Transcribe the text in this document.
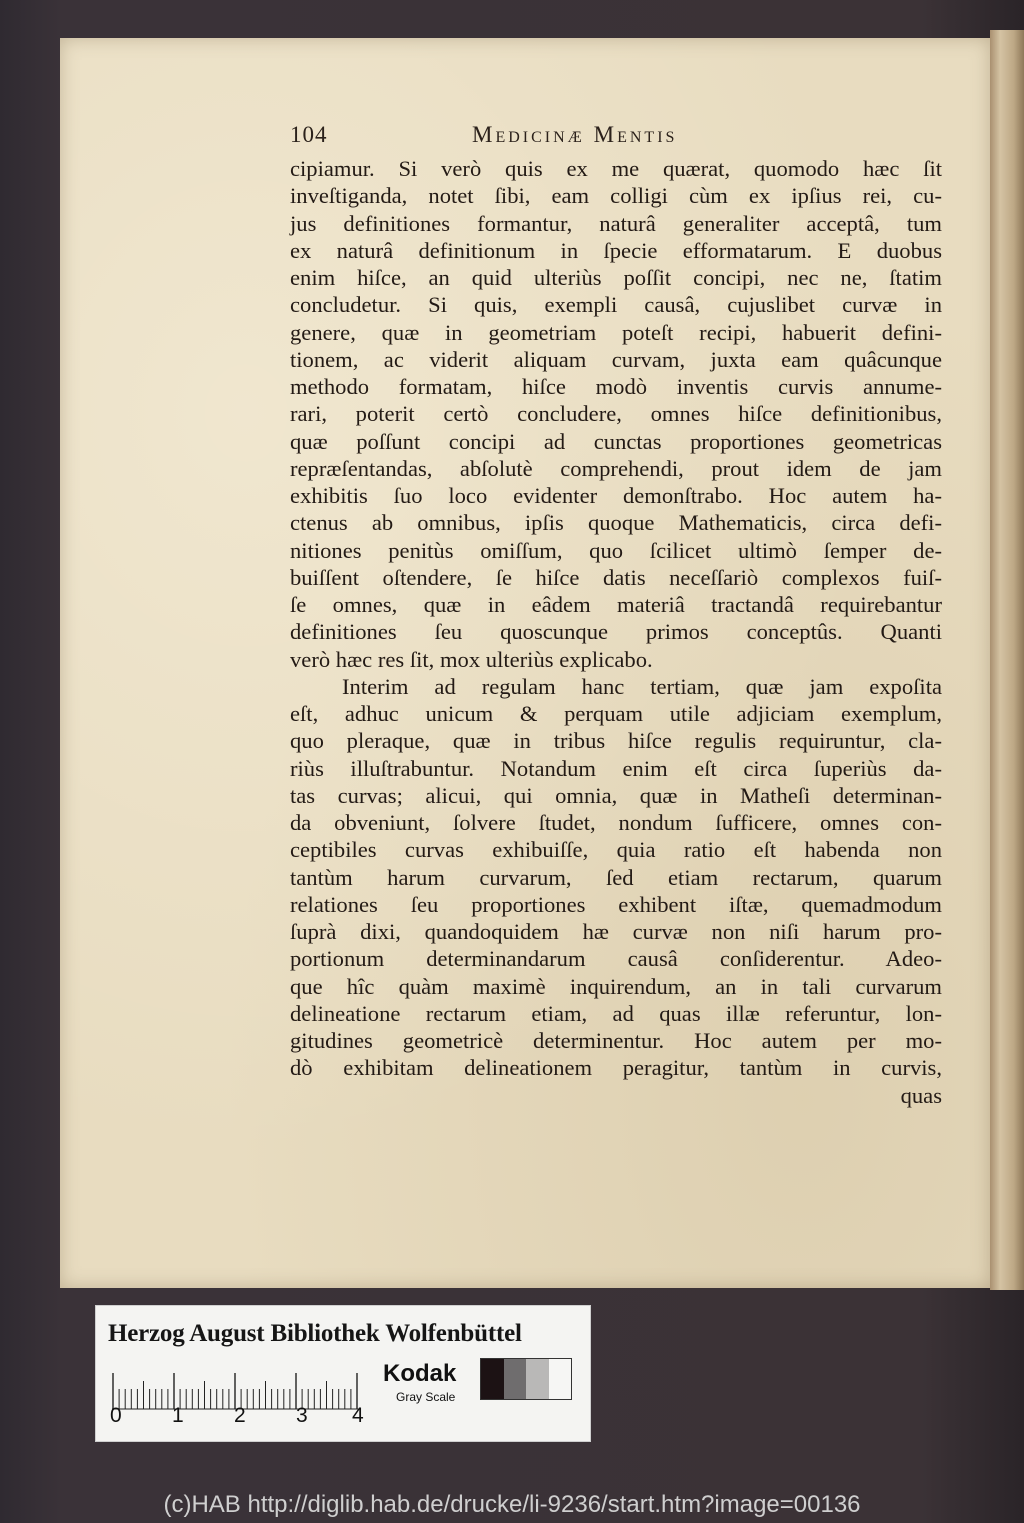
104	Medicinæ Mentis
cipiamur. Si verò quis ex me quærat, quomodo hæc ſit
inveſtiganda, notet ſibi, eam colligi cùm ex ipſius rei, cu-
jus definitiones formantur, naturâ generaliter acceptâ, tum
ex naturâ definitionum in ſpecie efformatarum. E duobus
enim hiſce, an quid ulteriùs poſſit concipi, nec ne, ſtatim
concludetur. Si quis, exempli causâ, cujuslibet curvæ in
genere, quæ in geometriam poteſt recipi, habuerit defini-
tionem, ac viderit aliquam curvam, juxta eam quâcunque
methodo formatam, hiſce modò inventis curvis annume-
rari, poterit certò concludere, omnes hiſce definitionibus,
quæ poſſunt concipi ad cunctas proportiones geometricas
repræſentandas, abſolutè comprehendi, prout idem de jam
exhibitis ſuo loco evidenter demonſtrabo. Hoc autem ha-
ctenus ab omnibus, ipſis quoque Mathematicis, circa defi-
nitiones penitùs omiſſum, quo ſcilicet ultimò ſemper de-
buiſſent oſtendere, ſe hiſce datis neceſſariò complexos fuiſ-
ſe omnes, quæ in eâdem materiâ tractandâ requirebantur
definitiones ſeu quoscunque primos conceptûs. Quanti
verò hæc res ſit, mox ulteriùs explicabo.
Interim ad regulam hanc tertiam, quæ jam expoſita
eſt, adhuc unicum & perquam utile adjiciam exemplum,
quo pleraque, quæ in tribus hiſce regulis requiruntur, cla-
riùs illuſtrabuntur. Notandum enim eſt circa ſuperiùs da-
tas curvas; alicui, qui omnia, quæ in Matheſi determinan-
da obveniunt, ſolvere ſtudet, nondum ſufficere, omnes con-
ceptibiles curvas exhibuiſſe, quia ratio eſt habenda non
tantùm harum curvarum, ſed etiam rectarum, quarum
relationes ſeu proportiones exhibent iſtæ, quemadmodum
ſuprà dixi, quandoquidem hæ curvæ non niſi harum pro-
portionum determinandarum causâ conſiderentur. Adeo-
que hîc quàm maximè inquirendum, an in tali curvarum
delineatione rectarum etiam, ad quas illæ referuntur, lon-
gitudines geometricè determinentur. Hoc autem per mo-
dò exhibitam delineationem peragitur, tantùm in curvis,
quas
Herzog August Bibliothek Wolfenbüttel
0 1 2 3 4
Kodak
Gray Scale
(c)HAB http://diglib.hab.de/drucke/li-9236/start.htm?image=00136
